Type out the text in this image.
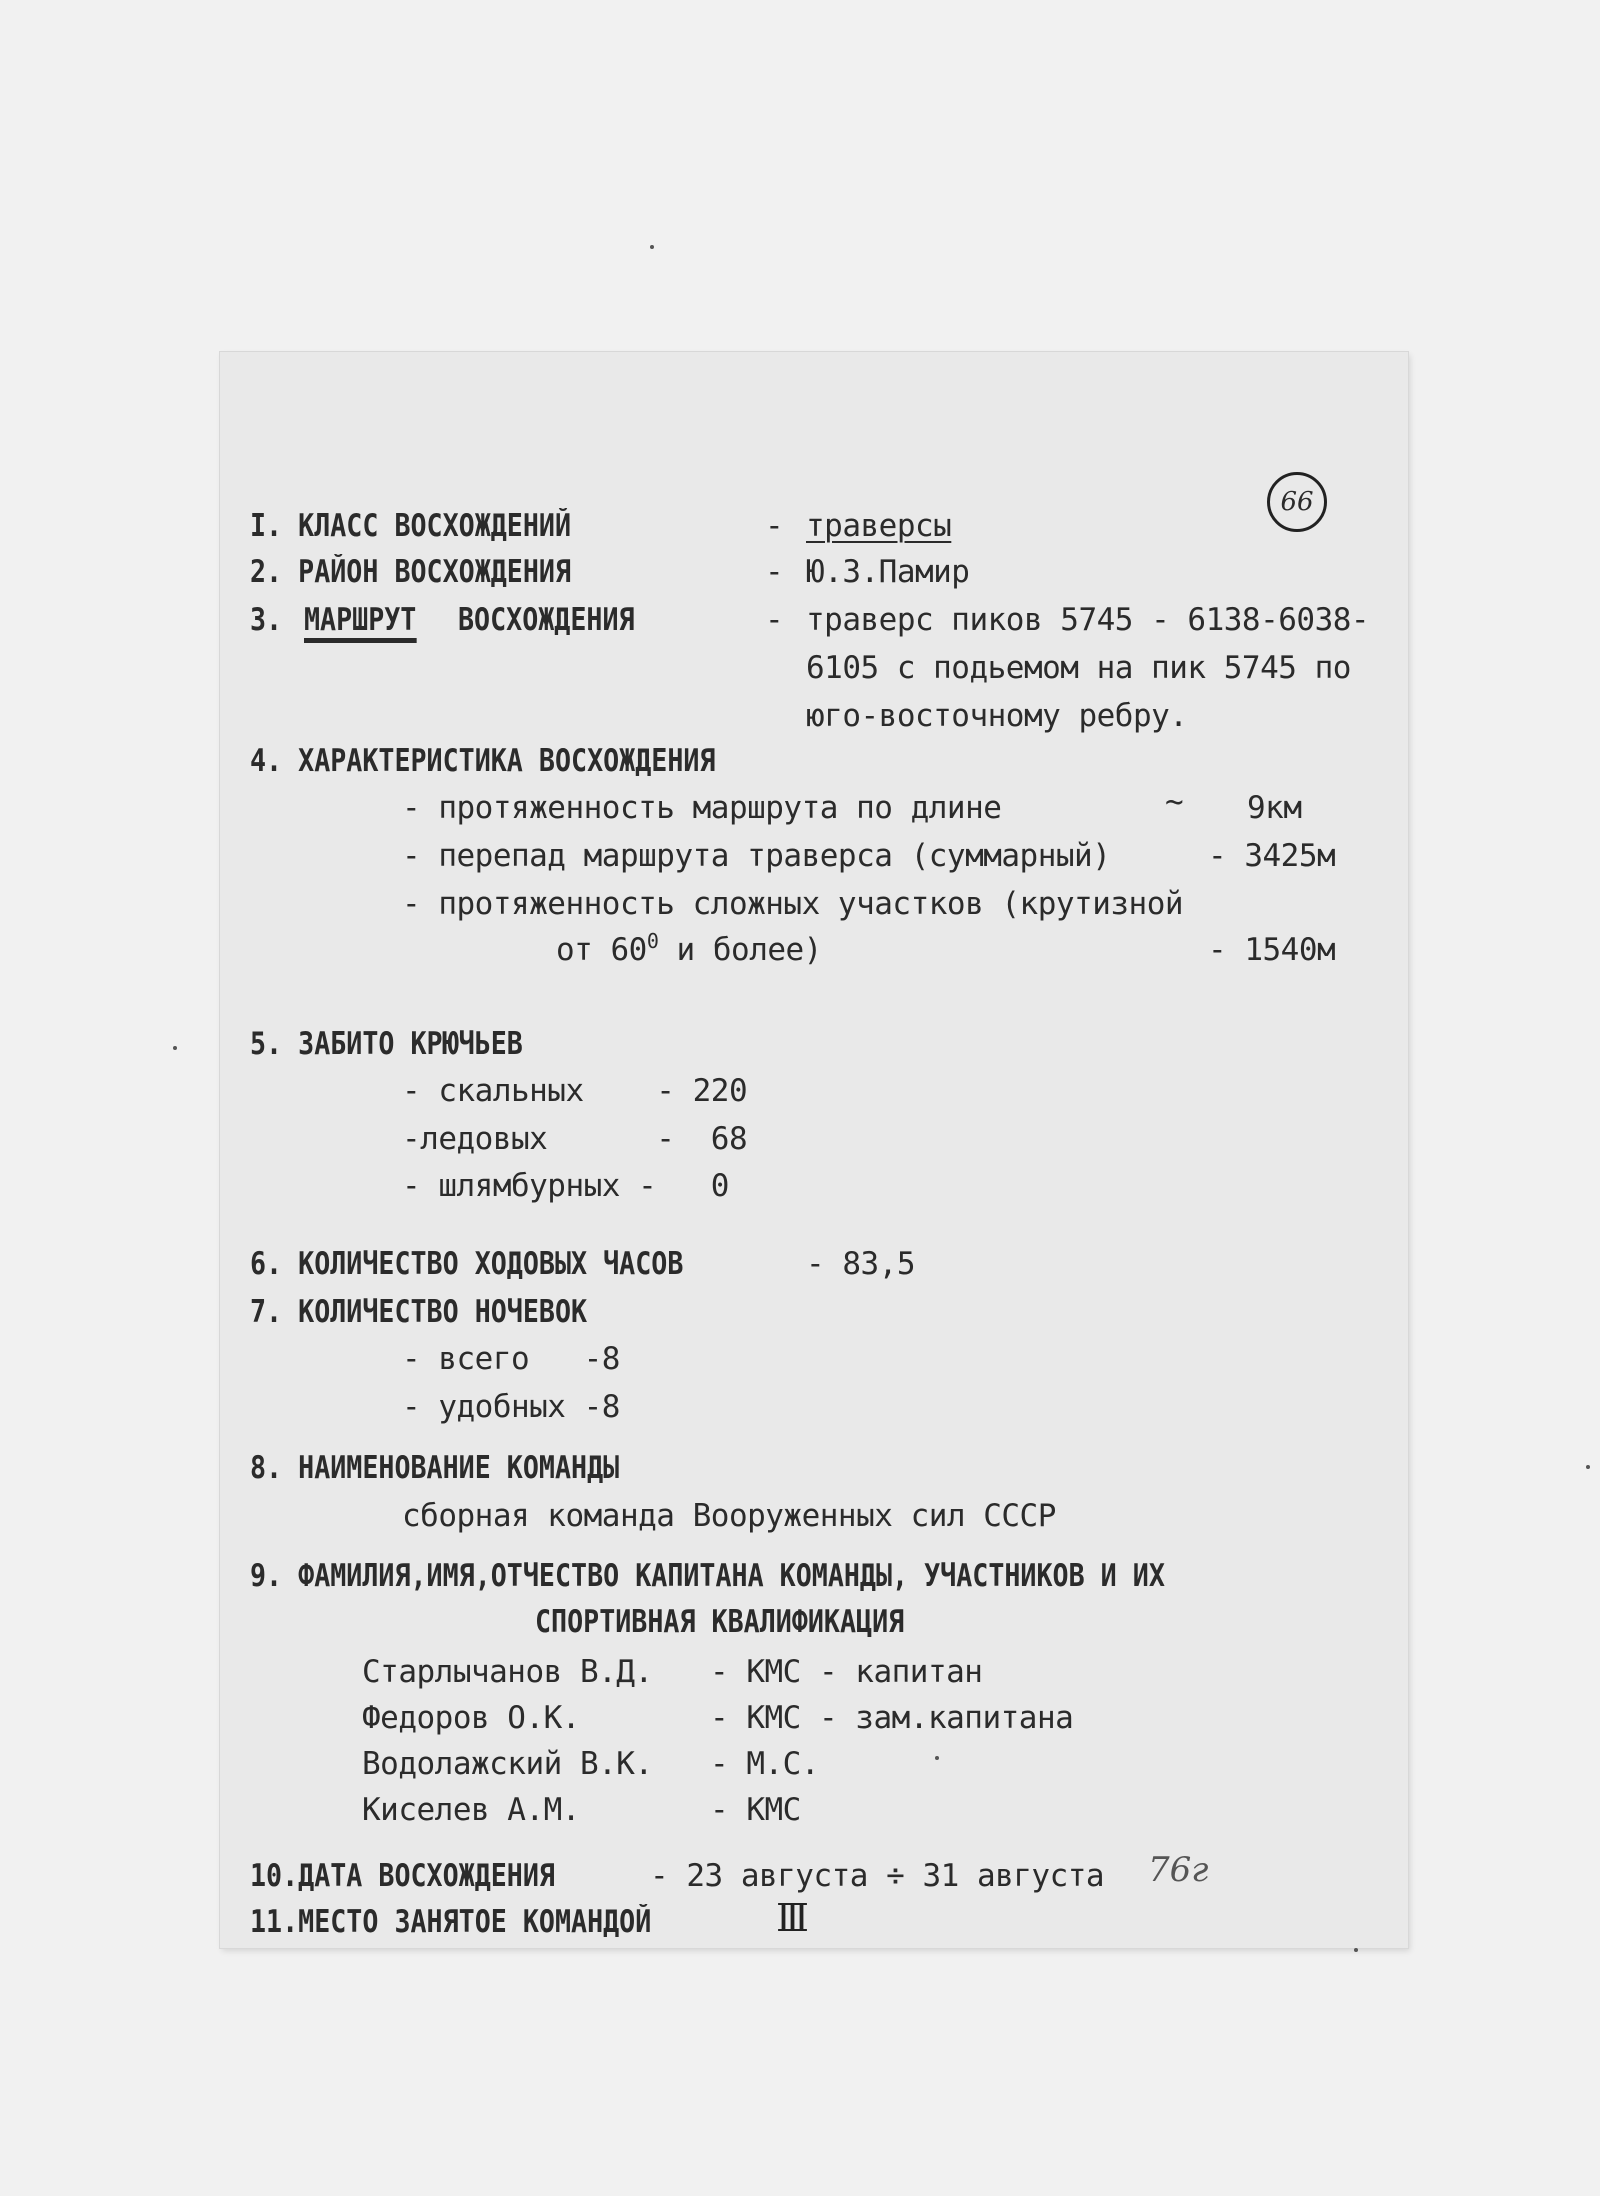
66
I. КЛАСС ВОСХОЖДЕНИЙ	- траверсы
2. РАЙОН ВОСХОЖДЕНИЯ	- Ю.З.Памир
3. МАРШРУТ ВОСХОЖДЕНИЯ	- траверс пиков 5745 - 6138-6038-
6105 с подьемом на пик 5745 по
юго-восточному ребру.
4. ХАРАКТЕРИСТИКА ВОСХОЖДЕНИЯ
- протяженность маршрута по длине	~ 9км
- перепад маршрута траверса (суммарный)	- 3425м
- протяженность сложных участков (крутизной
от $60^0$ и более)	- 1540м
5. ЗАБИТО КРЮЧЬЕВ
- скальных    - 220
-ледовых      -  68
- шлямбурных -   0
6. КОЛИЧЕСТВО ХОДОВЫХ ЧАСОВ	- 83,5
7. КОЛИЧЕСТВО НОЧЕВОК
- всего   -8
- удобных -8
8. НАИМЕНОВАНИЕ КОМАНДЫ
сборная команда Вооруженных сил СССР
9. ФАМИЛИЯ,ИМЯ,ОТЧЕСТВО КАПИТАНА КОМАНДЫ, УЧАСТНИКОВ И ИХ
СПОРТИВНАЯ КВАЛИФИКАЦИЯ
Старлычанов В.Д. - КМС - капитан
Федоров О.К.	- КМС - зам.капитана
Водолажский В.К. - М.С.
Киселев А.М.	- КМС
10.ДАТА ВОСХОЖДЕНИЯ	- 23 августа ÷ 31 августа 76г
11.МЕСТО ЗАНЯТОЕ КОМАНДОЙ	III
